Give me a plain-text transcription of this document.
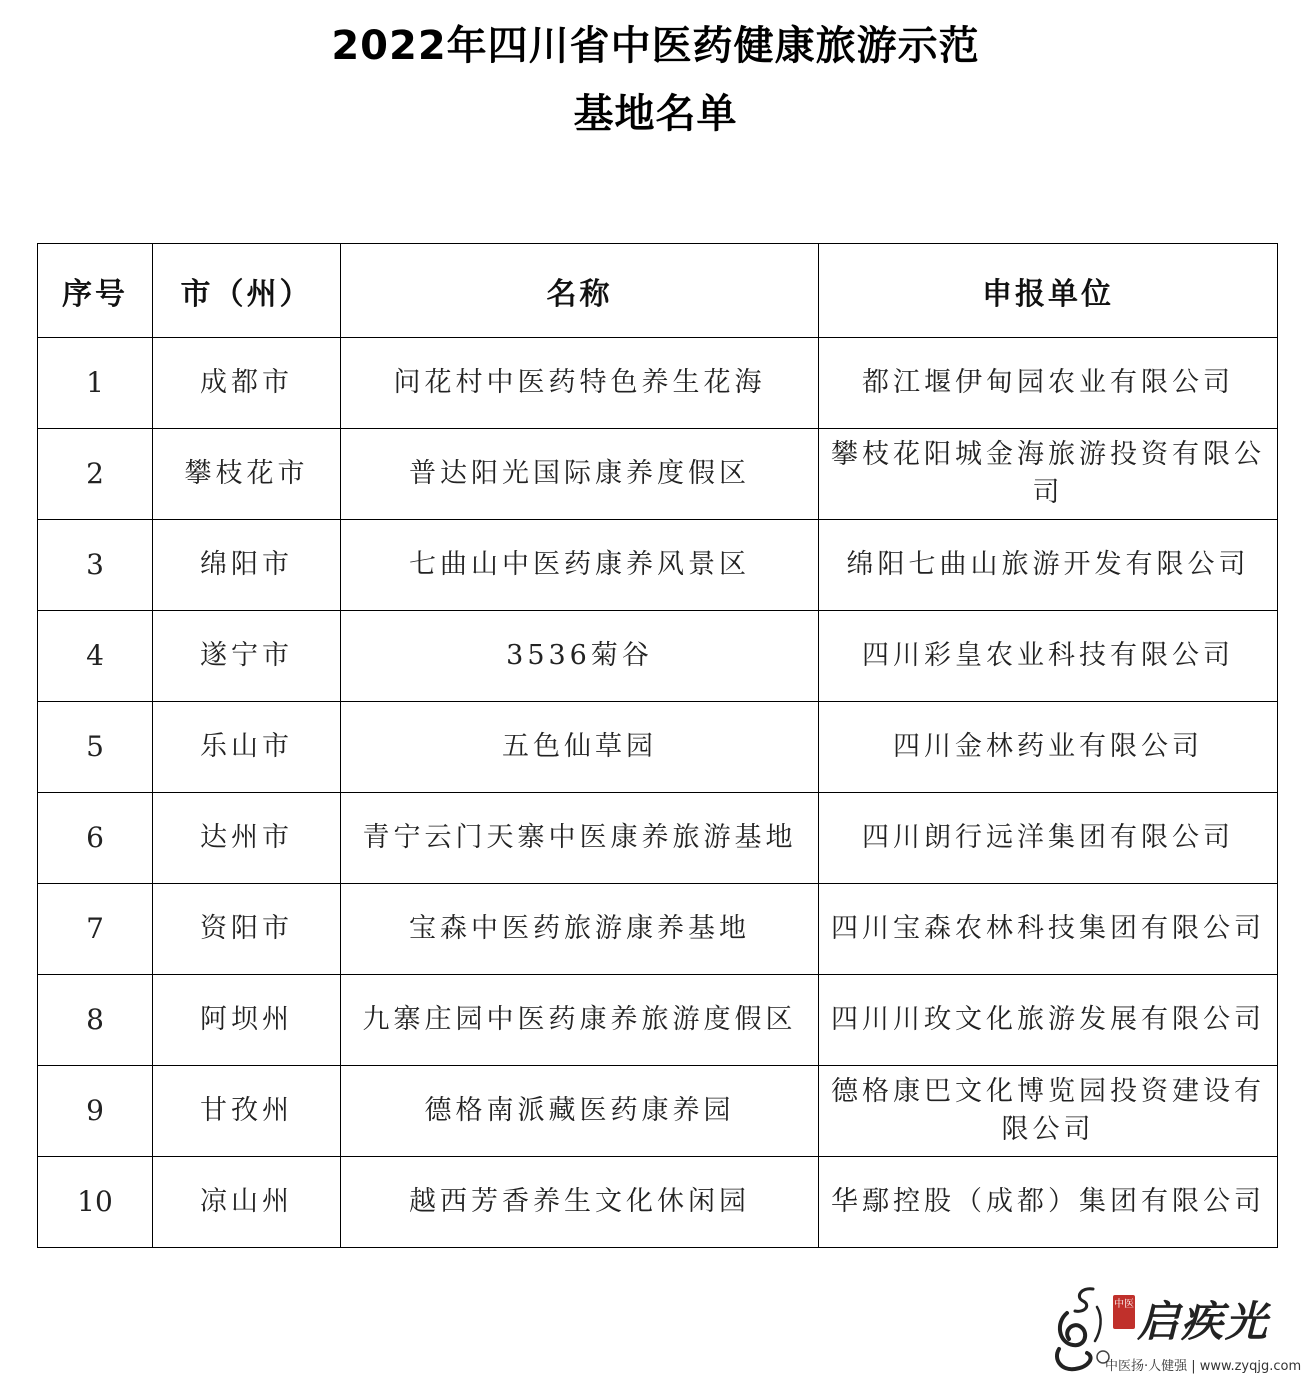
2022年四川省中医药健康旅游示范
基地名单
序号	市（州）	名称	申报单位
1	成都市	问花村中医药特色养生花海	都江堰伊甸园农业有限公司
2	攀枝花市	普达阳光国际康养度假区	攀枝花阳城金海旅游投资有限公司
3	绵阳市	七曲山中医药康养风景区	绵阳七曲山旅游开发有限公司
4	遂宁市	3536菊谷	四川彩皇农业科技有限公司
5	乐山市	五色仙草园	四川金林药业有限公司
6	达州市	青宁云门天寨中医康养旅游基地	四川朗行远洋集团有限公司
7	资阳市	宝森中医药旅游康养基地	四川宝森农林科技集团有限公司
8	阿坝州	九寨庄园中医药康养旅游度假区	四川川玫文化旅游发展有限公司
9	甘孜州	德格南派藏医药康养园	德格康巴文化博览园投资建设有限公司
10	凉山州	越西芳香养生文化休闲园	华鄢控股（成都）集团有限公司
中医 启疾光
中医扬·人健强 | www.zyqjg.com
